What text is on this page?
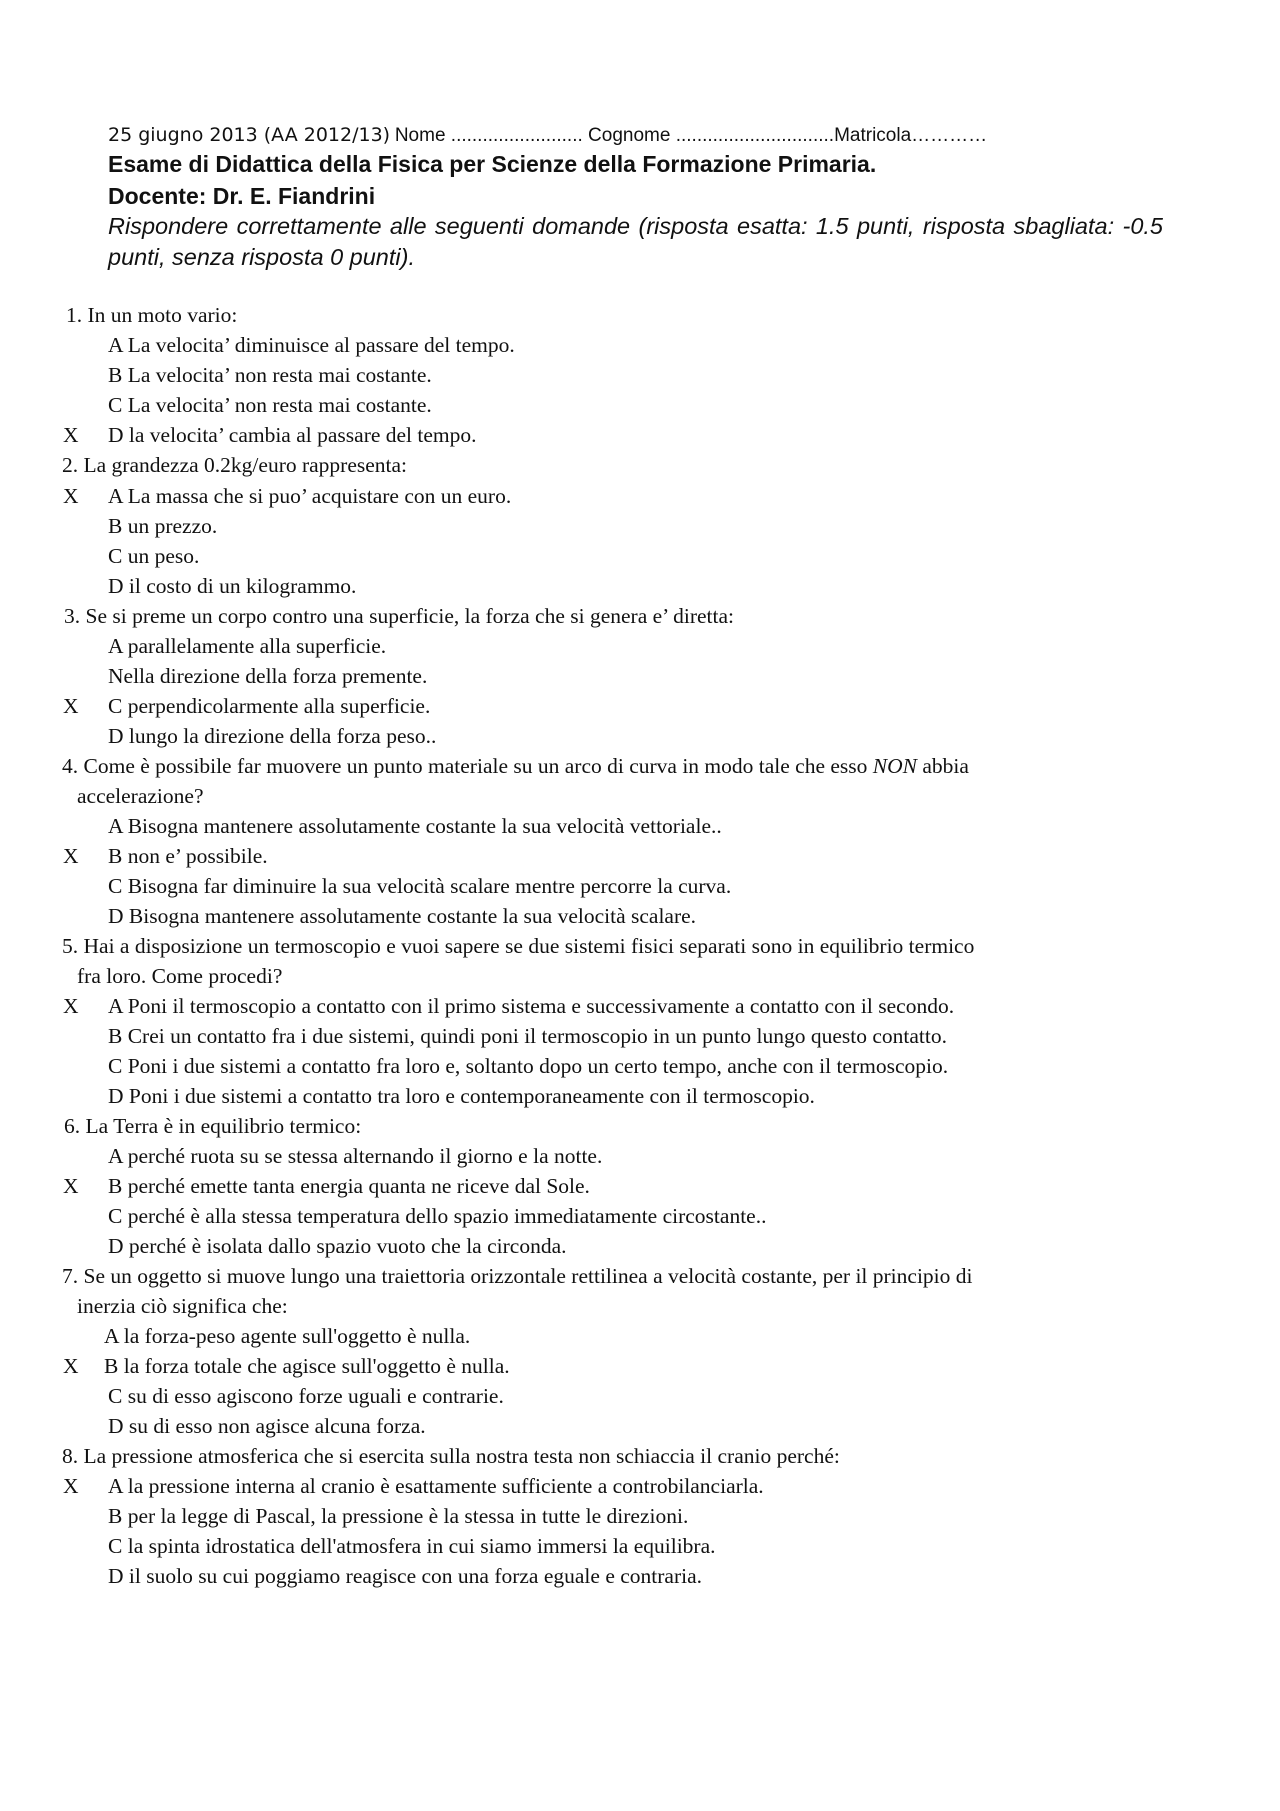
25 giugno 2013 (AA 2012/13) Nome ......................... Cognome ..............................Matricola…………
Esame di Didattica della Fisica per Scienze della Formazione Primaria.
Docente: Dr. E. Fiandrini
Rispondere correttamente alle seguenti domande (risposta esatta: 1.5 punti, risposta sbagliata: -0.5 punti, senza risposta 0 punti).
1. In un moto vario:
A La velocita’ diminuisce al passare del tempo.
B La velocita’ non resta mai costante.
C La velocita’ non resta mai costante.
X D la velocita’ cambia al passare del tempo.
2. La grandezza 0.2kg/euro rappresenta:
X A La massa che si puo’ acquistare con un euro.
B un prezzo.
C un peso.
D il costo di un kilogrammo.
3. Se si preme un corpo contro una superficie, la forza che si genera e’ diretta:
A parallelamente alla superficie.
Nella direzione della forza premente.
X C perpendicolarmente alla superficie.
D lungo la direzione della forza peso..
4. Come è possibile far muovere un punto materiale su un arco di curva in modo tale che esso NON abbia
accelerazione?
A Bisogna mantenere assolutamente costante la sua velocità vettoriale..
X B non e’ possibile.
C Bisogna far diminuire la sua velocità scalare mentre percorre la curva.
D Bisogna mantenere assolutamente costante la sua velocità scalare.
5. Hai a disposizione un termoscopio e vuoi sapere se due sistemi fisici separati sono in equilibrio termico
fra loro. Come procedi?
X A Poni il termoscopio a contatto con il primo sistema e successivamente a contatto con il secondo.
B Crei un contatto fra i due sistemi, quindi poni il termoscopio in un punto lungo questo contatto.
C Poni i due sistemi a contatto fra loro e, soltanto dopo un certo tempo, anche con il termoscopio.
D Poni i due sistemi a contatto tra loro e contemporaneamente con il termoscopio.
6. La Terra è in equilibrio termico:
A perché ruota su se stessa alternando il giorno e la notte.
X B perché emette tanta energia quanta ne riceve dal Sole.
C perché è alla stessa temperatura dello spazio immediatamente circostante..
D perché è isolata dallo spazio vuoto che la circonda.
7. Se un oggetto si muove lungo una traiettoria orizzontale rettilinea a velocità costante, per il principio di
inerzia ciò significa che:
A la forza-peso agente sull'oggetto è nulla.
X B la forza totale che agisce sull'oggetto è nulla.
C su di esso agiscono forze uguali e contrarie.
D su di esso non agisce alcuna forza.
8. La pressione atmosferica che si esercita sulla nostra testa non schiaccia il cranio perché:
X A la pressione interna al cranio è esattamente sufficiente a controbilanciarla.
B per la legge di Pascal, la pressione è la stessa in tutte le direzioni.
C la spinta idrostatica dell'atmosfera in cui siamo immersi la equilibra.
D il suolo su cui poggiamo reagisce con una forza eguale e contraria.
